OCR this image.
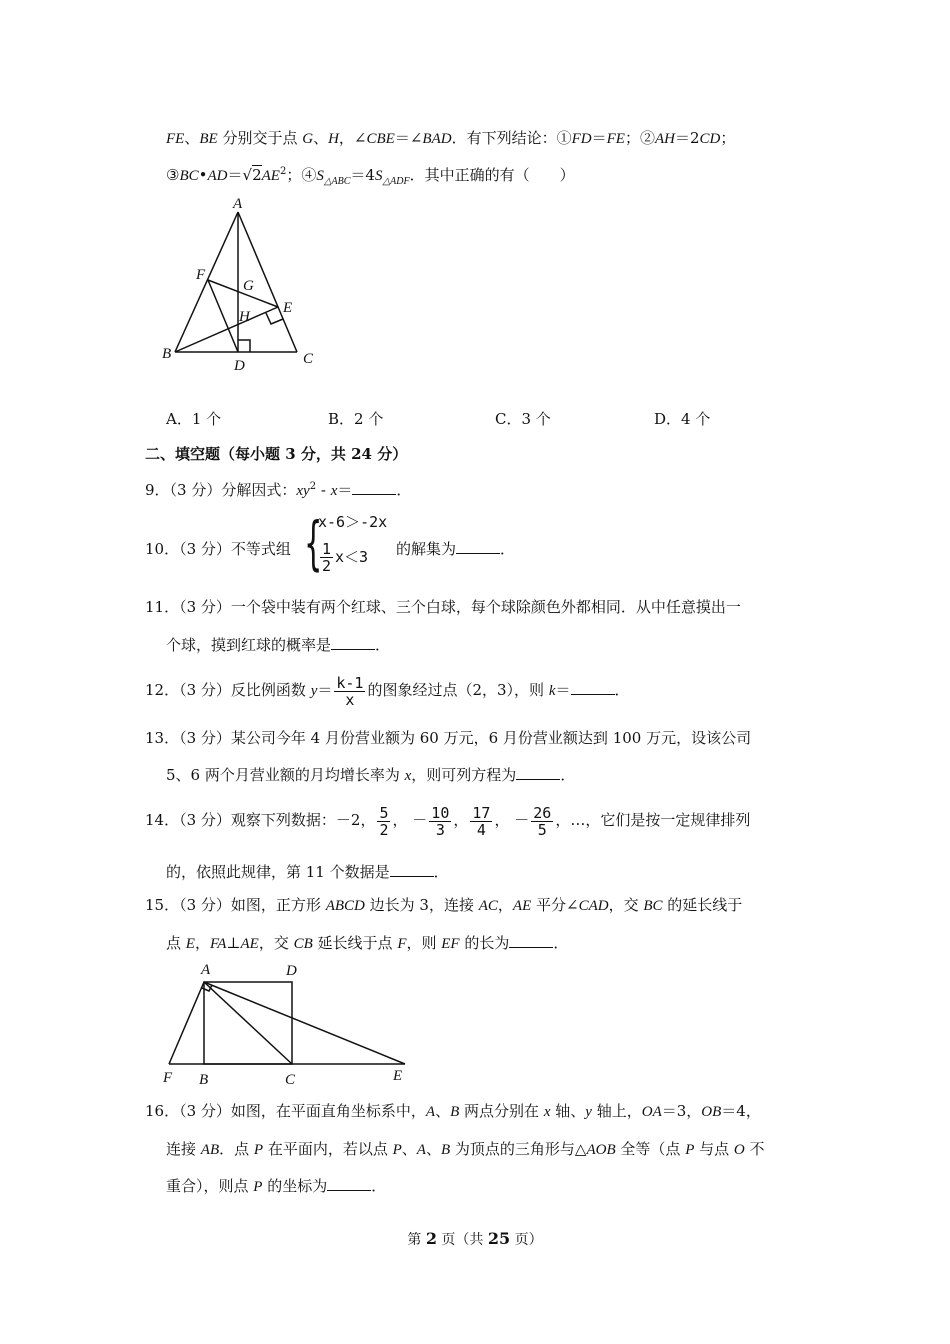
FE、BE 分别交于点 G、H，∠CBE＝∠BAD．有下列结论：①FD＝FE；②AH＝2CD；
$③BC•AD=√2AE^2$；$④S_{\triangle ABC}=4S_{\triangle ADF}$．其中正确的有（　　）
A
B	C
D
E
F
G
H
A．1 个	B．2 个	C．3 个	D．4 个
二、填空题（每小题 3 分，共 24 分）
9．（3 分）分解因式：$xy^2 - x=$	．
10．（3 分）不等式组 {
x-6＞-2x
$\frac{1}{2} x<3$ 的解集为	．
11．（3 分）一个袋中装有两个红球、三个白球，每个球除颜色外都相同．从中任意摸出一
个球，摸到红球的概率是	．
12．（3 分）反比例函数 $y= \frac{k-1}{x}$ 的图象经过点（2，3），则 k＝	．
13．（3 分）某公司今年 4 月份营业额为 60 万元，6 月份营业额达到 100 万元，设该公司
5、6 两个月营业额的月均增长率为 x，则可列方程为	．
14．（3 分）观察下列数据：－2， $\frac{5}{2}$ ， － $\frac{10}{3}$ ， $\frac{17}{4}$ ， － $\frac{26}{5}$ ，…，它们是按一定规律排列
的，依照此规律，第 11 个数据是	．
15．（3 分）如图，正方形 ABCD 边长为 3，连接 AC，AE 平分∠CAD，交 BC 的延长线于
点 E，FA⊥AE，交 CB 延长线于点 F，则 EF 的长为	．
A
B	C
D
E
F
16．（3 分）如图，在平面直角坐标系中，A、B 两点分别在 x 轴、y 轴上，OA＝3，OB＝4，
连接 AB．点 P 在平面内，若以点 P、A、B 为顶点的三角形与△AOB 全等（点 P 与点 O 不
重合），则点 P 的坐标为	．
第 2 页（共 25 页）
